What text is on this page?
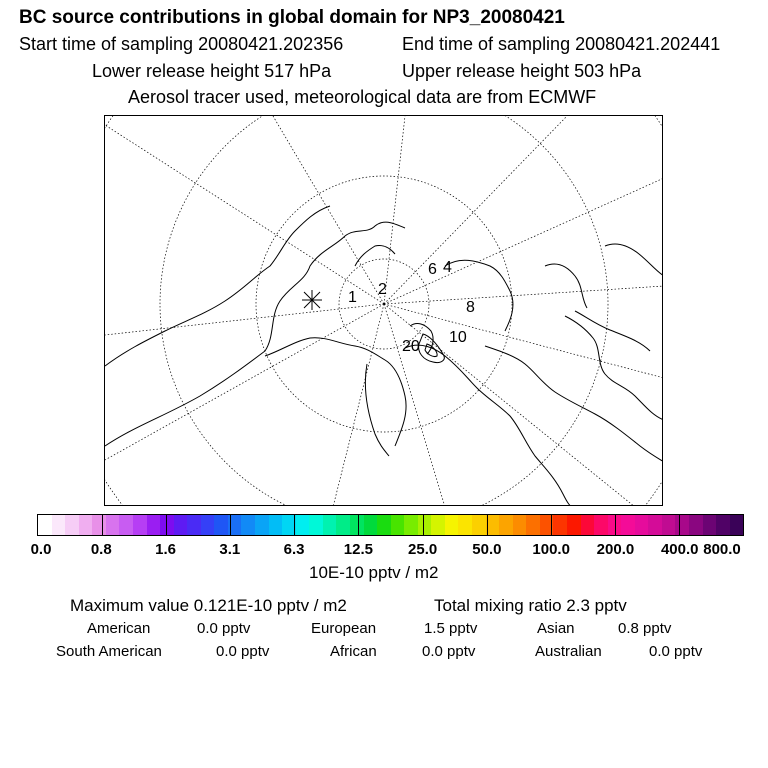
BC source contributions in global domain for NP3_20080421
Start time of sampling 20080421.202356	End time of sampling 20080421.202441
Lower release height 517 hPa	Upper release height 503 hPa
Aerosol tracer used, meteorological data are from ECMWF
1 2
4
6
8
10
20
0.0	0.8	1.6	3.1	6.3	12.5 25.0 50.0 100.0 200.0 400.0 800.0
10E-10 pptv / m2
Maximum value 0.121E-10 pptv / m2	Total mixing ratio 2.3 pptv
American	0.0 pptv	European	1.5 pptv	Asian	0.8 pptv
South American	0.0 pptv	African	0.0 pptv	Australian	0.0 pptv
